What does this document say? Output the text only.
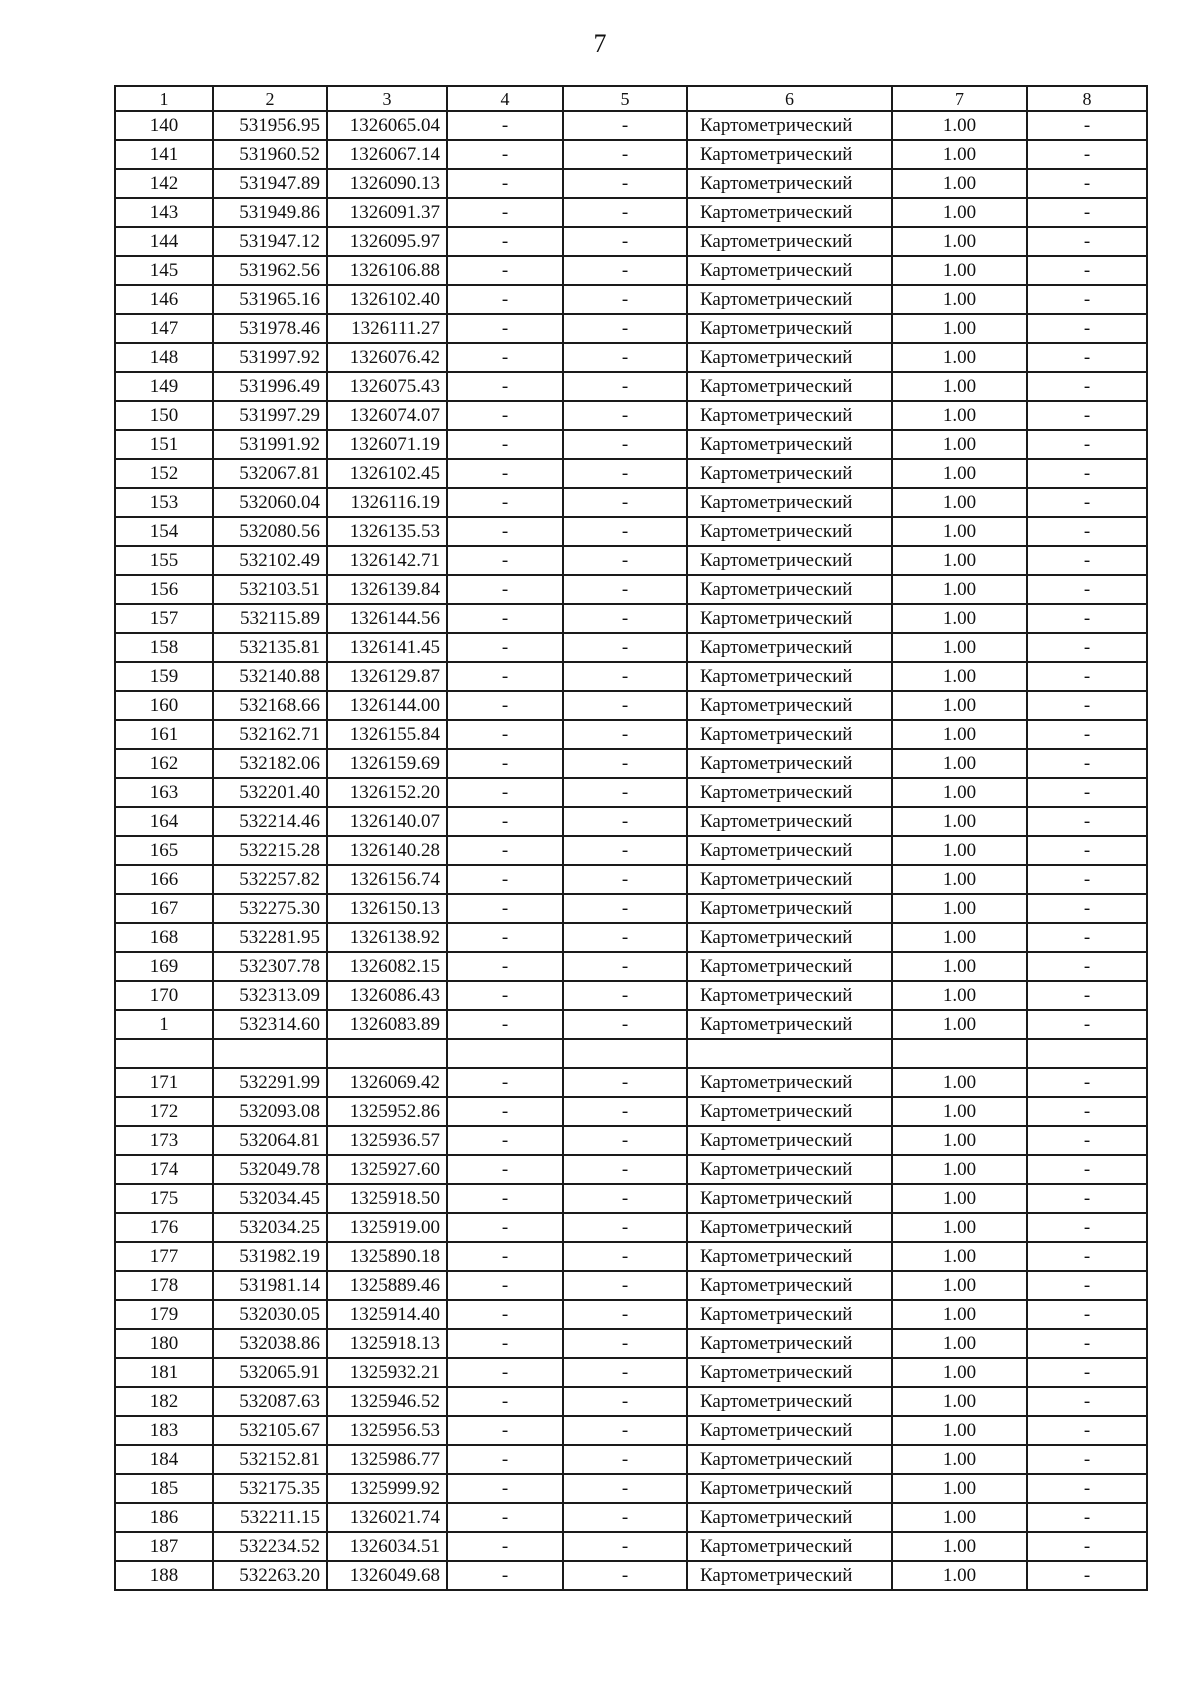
7
1	2	3	4	5	6	7	8
140	531956.95	1326065.04	-	-	Картометрический	1.00	-
141	531960.52	1326067.14	-	-	Картометрический	1.00	-
142	531947.89	1326090.13	-	-	Картометрический	1.00	-
143	531949.86	1326091.37	-	-	Картометрический	1.00	-
144	531947.12	1326095.97	-	-	Картометрический	1.00	-
145	531962.56	1326106.88	-	-	Картометрический	1.00	-
146	531965.16	1326102.40	-	-	Картометрический	1.00	-
147	531978.46	1326111.27	-	-	Картометрический	1.00	-
148	531997.92	1326076.42	-	-	Картометрический	1.00	-
149	531996.49	1326075.43	-	-	Картометрический	1.00	-
150	531997.29	1326074.07	-	-	Картометрический	1.00	-
151	531991.92	1326071.19	-	-	Картометрический	1.00	-
152	532067.81	1326102.45	-	-	Картометрический	1.00	-
153	532060.04	1326116.19	-	-	Картометрический	1.00	-
154	532080.56	1326135.53	-	-	Картометрический	1.00	-
155	532102.49	1326142.71	-	-	Картометрический	1.00	-
156	532103.51	1326139.84	-	-	Картометрический	1.00	-
157	532115.89	1326144.56	-	-	Картометрический	1.00	-
158	532135.81	1326141.45	-	-	Картометрический	1.00	-
159	532140.88	1326129.87	-	-	Картометрический	1.00	-
160	532168.66	1326144.00	-	-	Картометрический	1.00	-
161	532162.71	1326155.84	-	-	Картометрический	1.00	-
162	532182.06	1326159.69	-	-	Картометрический	1.00	-
163	532201.40	1326152.20	-	-	Картометрический	1.00	-
164	532214.46	1326140.07	-	-	Картометрический	1.00	-
165	532215.28	1326140.28	-	-	Картометрический	1.00	-
166	532257.82	1326156.74	-	-	Картометрический	1.00	-
167	532275.30	1326150.13	-	-	Картометрический	1.00	-
168	532281.95	1326138.92	-	-	Картометрический	1.00	-
169	532307.78	1326082.15	-	-	Картометрический	1.00	-
170	532313.09	1326086.43	-	-	Картометрический	1.00	-
1	532314.60	1326083.89	-	-	Картометрический	1.00	-

171	532291.99	1326069.42	-	-	Картометрический	1.00	-
172	532093.08	1325952.86	-	-	Картометрический	1.00	-
173	532064.81	1325936.57	-	-	Картометрический	1.00	-
174	532049.78	1325927.60	-	-	Картометрический	1.00	-
175	532034.45	1325918.50	-	-	Картометрический	1.00	-
176	532034.25	1325919.00	-	-	Картометрический	1.00	-
177	531982.19	1325890.18	-	-	Картометрический	1.00	-
178	531981.14	1325889.46	-	-	Картометрический	1.00	-
179	532030.05	1325914.40	-	-	Картометрический	1.00	-
180	532038.86	1325918.13	-	-	Картометрический	1.00	-
181	532065.91	1325932.21	-	-	Картометрический	1.00	-
182	532087.63	1325946.52	-	-	Картометрический	1.00	-
183	532105.67	1325956.53	-	-	Картометрический	1.00	-
184	532152.81	1325986.77	-	-	Картометрический	1.00	-
185	532175.35	1325999.92	-	-	Картометрический	1.00	-
186	532211.15	1326021.74	-	-	Картометрический	1.00	-
187	532234.52	1326034.51	-	-	Картометрический	1.00	-
188	532263.20	1326049.68	-	-	Картометрический	1.00	-
